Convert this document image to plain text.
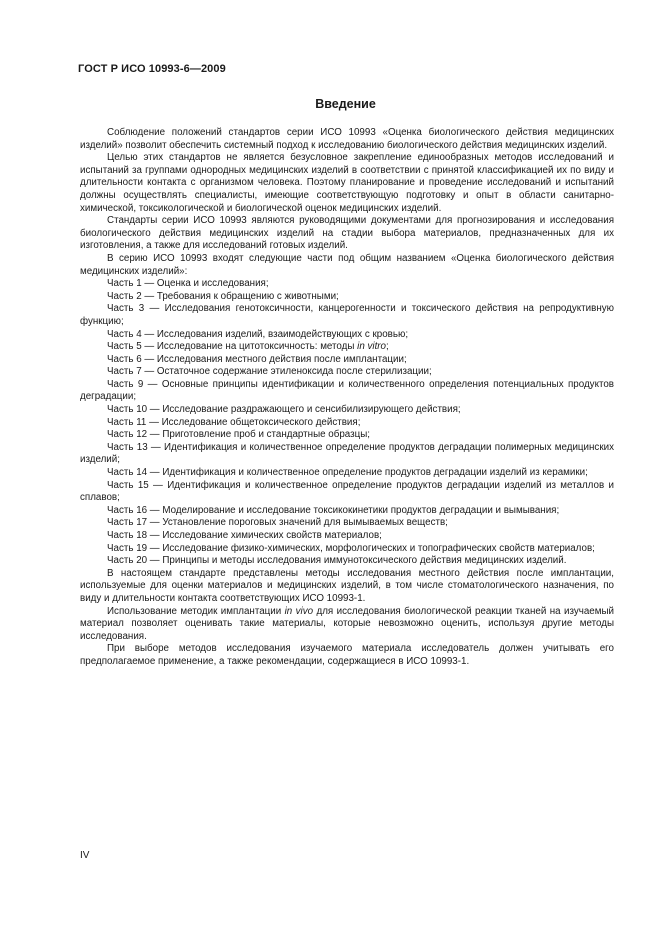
ГОСТ Р ИСО 10993-6—2009
Введение

Соблюдение положений стандартов серии ИСО 10993 «Оценка биологического действия медицинских изделий» позволит обеспечить системный подход к исследованию биологического действия медицинских изделий.

Целью этих стандартов не является безусловное закрепление единообразных методов исследований и испытаний за группами однородных медицинских изделий в соответствии с принятой классификацией их по виду и длительности контакта с организмом человека. Поэтому планирование и проведение исследований и испытаний должны осуществлять специалисты, имеющие соответствующую подготовку и опыт в области санитарно-химической, токсикологической и биологической оценок медицинских изделий.

Стандарты серии ИСО 10993 являются руководящими документами для прогнозирования и исследования биологического действия медицинских изделий на стадии выбора материалов, предназначенных для их изготовления, а также для исследований готовых изделий.

В серию ИСО 10993 входят следующие части под общим названием «Оценка биологического действия медицинских изделий»:

Часть 1 — Оценка и исследования;

Часть 2 — Требования к обращению с животными;

Часть 3 — Исследования генотоксичности, канцерогенности и токсического действия на репродуктивную функцию;

Часть 4 — Исследования изделий, взаимодействующих с кровью;

Часть 5 — Исследование на цитотоксичность: методы in vitro;

Часть 6 — Исследования местного действия после имплантации;

Часть 7 — Остаточное содержание этиленоксида после стерилизации;

Часть 9 — Основные принципы идентификации и количественного определения потенциальных продуктов деградации;

Часть 10 — Исследование раздражающего и сенсибилизирующего действия;

Часть 11 — Исследование общетоксического действия;

Часть 12 — Приготовление проб и стандартные образцы;

Часть 13 — Идентификация и количественное определение продуктов деградации полимерных медицинских изделий;

Часть 14 — Идентификация и количественное определение продуктов деградации изделий из керамики;

Часть 15 — Идентификация и количественное определение продуктов деградации изделий из металлов и сплавов;

Часть 16 — Моделирование и исследование токсикокинетики продуктов деградации и вымывания;

Часть 17 — Установление пороговых значений для вымываемых веществ;

Часть 18 — Исследование химических свойств материалов;

Часть 19 — Исследование физико-химических, морфологических и топографических свойств материалов;

Часть 20 — Принципы и методы исследования иммунотоксического действия медицинских изделий.

В настоящем стандарте представлены методы исследования местного действия после имплантации, используемые для оценки материалов и медицинских изделий, в том числе стоматологического назначения, по виду и длительности контакта соответствующих ИСО 10993-1.

Использование методик имплантации in vivo для исследования биологической реакции тканей на изучаемый материал позволяет оценивать такие материалы, которые невозможно оценить, используя другие методы исследования.

При выборе методов исследования изучаемого материала исследователь должен учитывать его предполагаемое применение, а также рекомендации, содержащиеся в ИСО 10993-1.

IV
